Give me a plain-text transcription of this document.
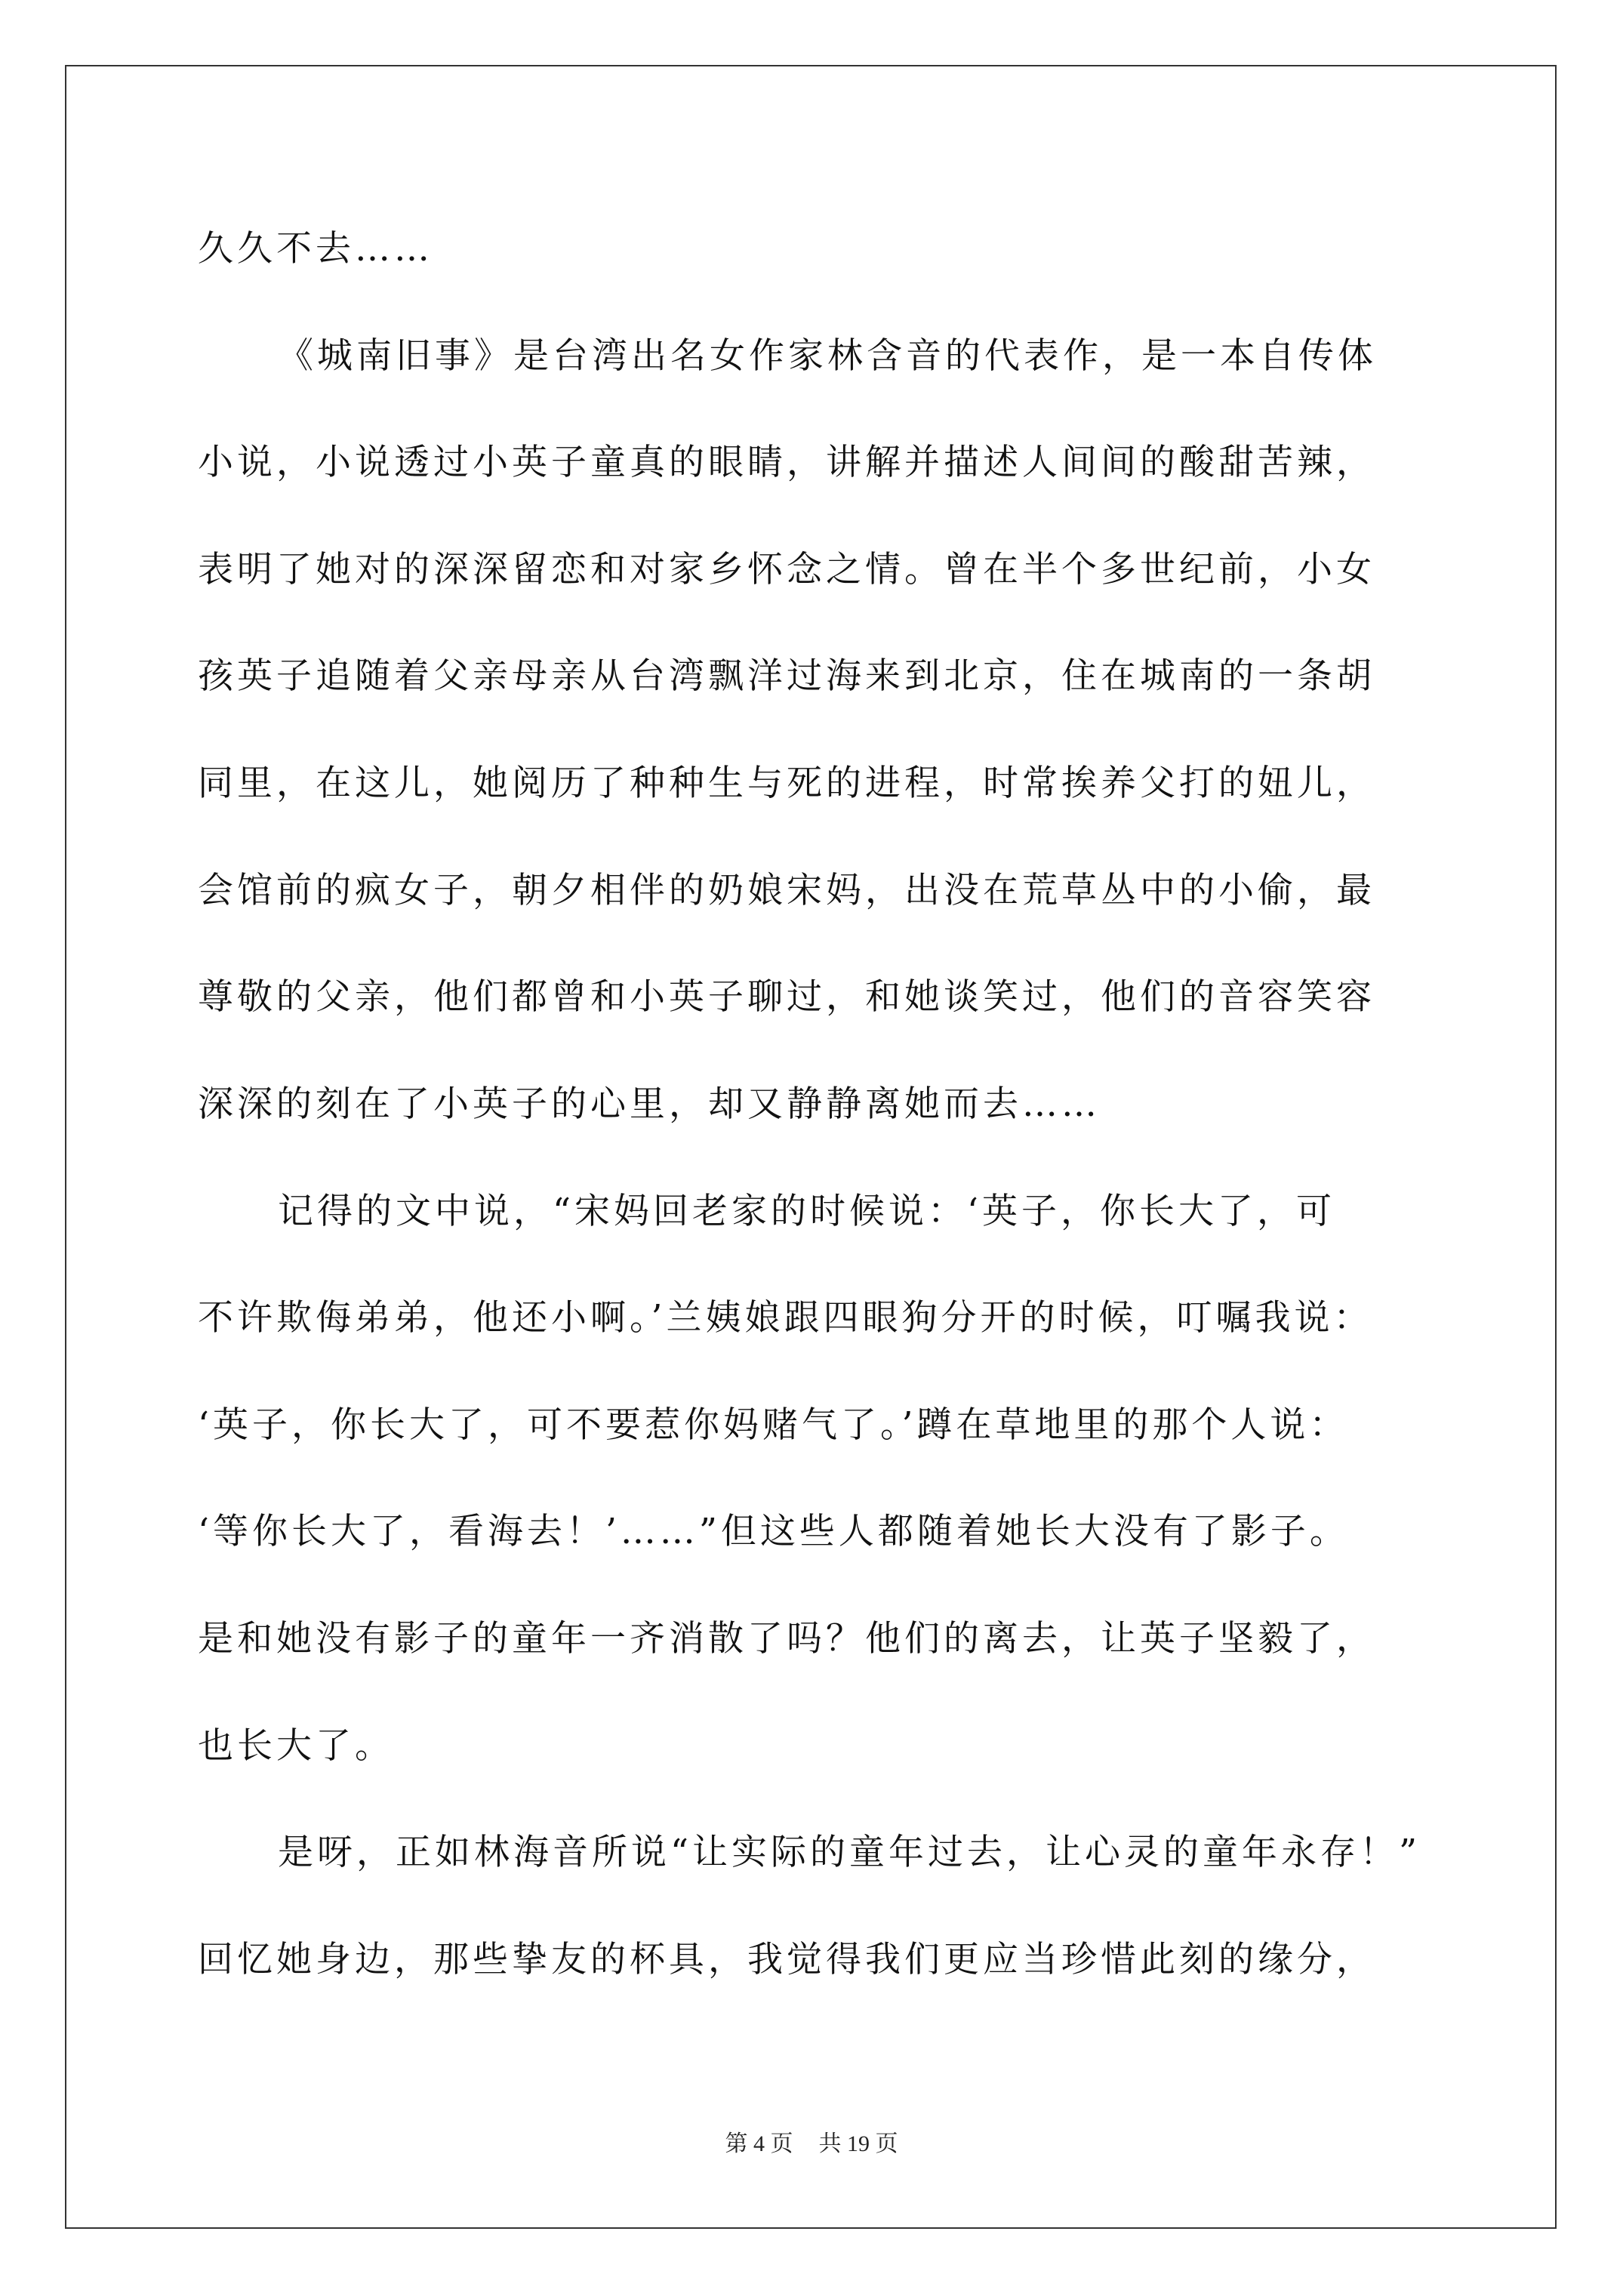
久久不去……
《城南旧事》是台湾出名女作家林含音的代表作，是一本自传体
小说，小说透过小英子童真的眼睛，讲解并描述人间间的酸甜苦辣，
表明了她对的深深留恋和对家乡怀念之情。曾在半个多世纪前，小女
孩英子追随着父亲母亲从台湾飘洋过海来到北京，住在城南的一条胡
同里，在这儿，她阅历了种种生与死的进程，时常挨养父打的妞儿，
会馆前的疯女子，朝夕相伴的奶娘宋妈，出没在荒草丛中的小偷，最
尊敬的父亲，他们都曾和小英子聊过，和她谈笑过，他们的音容笑容
深深的刻在了小英子的心里，却又静静离她而去……
记得的文中说，“宋妈回老家的时候说：‘英子，你长大了，可
不许欺侮弟弟，他还小啊。’兰姨娘跟四眼狗分开的时候，叮嘱我说：
‘英子，你长大了，可不要惹你妈赌气了。’蹲在草地里的那个人说：
‘等你长大了，看海去！’……”但这些人都随着她长大没有了影子。
是和她没有影子的童年一齐消散了吗？他们的离去，让英子坚毅了，
也长大了。
是呀，正如林海音所说“让实际的童年过去，让心灵的童年永存！”
回忆她身边，那些挚友的杯具，我觉得我们更应当珍惜此刻的缘分，
第 4 页 共 19 页
